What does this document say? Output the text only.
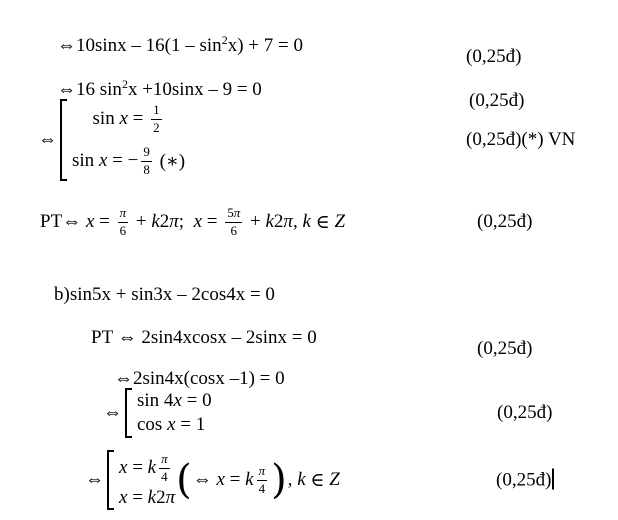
⇔10sinx – $16(1 - \sin^2x) + 7 = 0$

(0,25đ)

⇔16 $\sin^2x +10\sin x - 9 = 0$

(0,25đ)

⇔
$\sin x = \frac{1}{2}$
sin x = − $\frac{9}{8}$ (∗)
(0,25đ)(*) VN
PT⇔ $x = \frac{\pi}{6} + k$ 2 π ; $x = \frac{5\pi}{6} + k$ 2 π , k ∈ Z	(0,25đ)

b)sin5x + sin3x – 2cos4x = 0

PT ⇔ 2sin4xcosx – 2sinx = 0

(0,25đ)

⇔2sin4x(cosx –1) = 0

⇔
sin 4 x = 0
cos x = 1
(0,25đ)
⇔
x = k $\frac{\pi}{4}$
x = k 2 π ( ⇔ x = k $\frac{\pi}{4}$ ) , k ∈ Z	(0,25đ)
